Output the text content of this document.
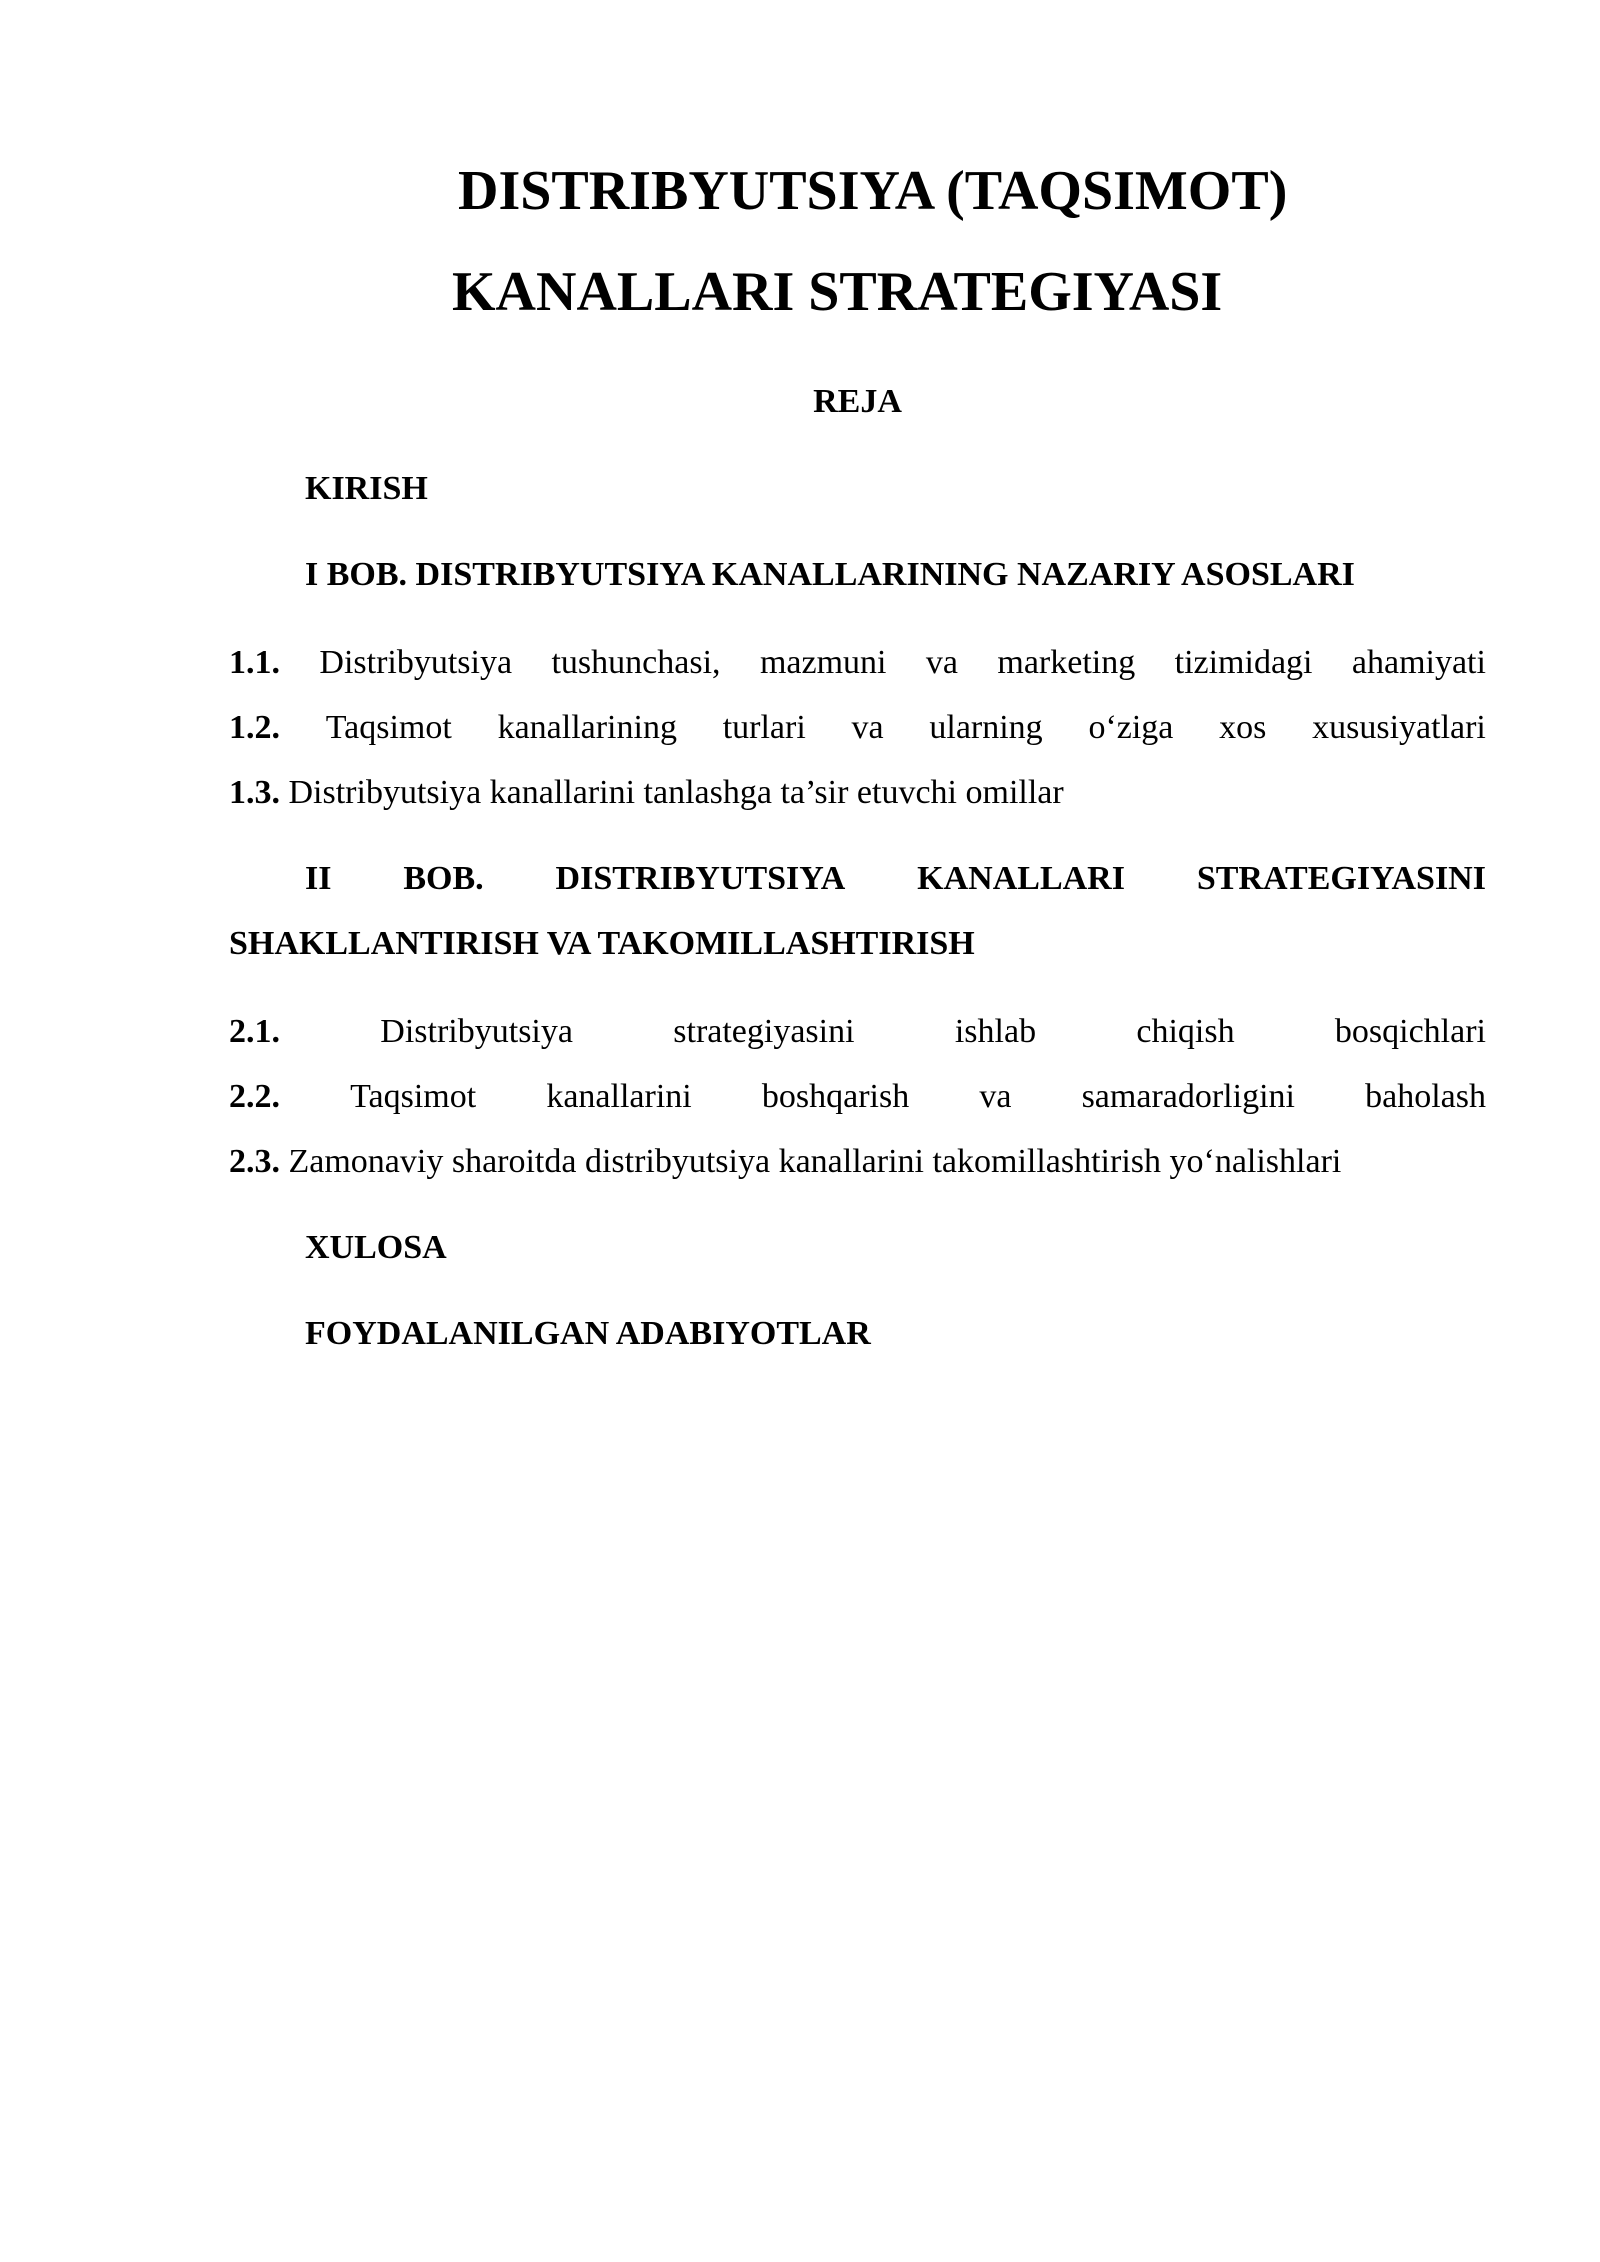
DISTRIBYUTSIYA (TAQSIMOT)
KANALLARI STRATEGIYASI
REJA
KIRISH
I BOB. DISTRIBYUTSIYA KANALLARINING NAZARIY ASOSLARI
1.1. Distribyutsiya tushunchasi, mazmuni va marketing tizimidagi ahamiyati
1.2. Taqsimot kanallarining turlari va ularning o‘ziga xos xususiyatlari
1.3. Distribyutsiya kanallarini tanlashga ta’sir etuvchi omillar
II BOB. DISTRIBYUTSIYA KANALLARI STRATEGIYASINI
SHAKLLANTIRISH VA TAKOMILLASHTIRISH
2.1.	Distribyutsiya	strategiyasini	ishlab	chiqish	bosqichlari
2.2. Taqsimot kanallarini boshqarish va samaradorligini baholash
2.3. Zamonaviy sharoitda distribyutsiya kanallarini takomillashtirish yo‘nalishlari
XULOSA
FOYDALANILGAN ADABIYOTLAR
